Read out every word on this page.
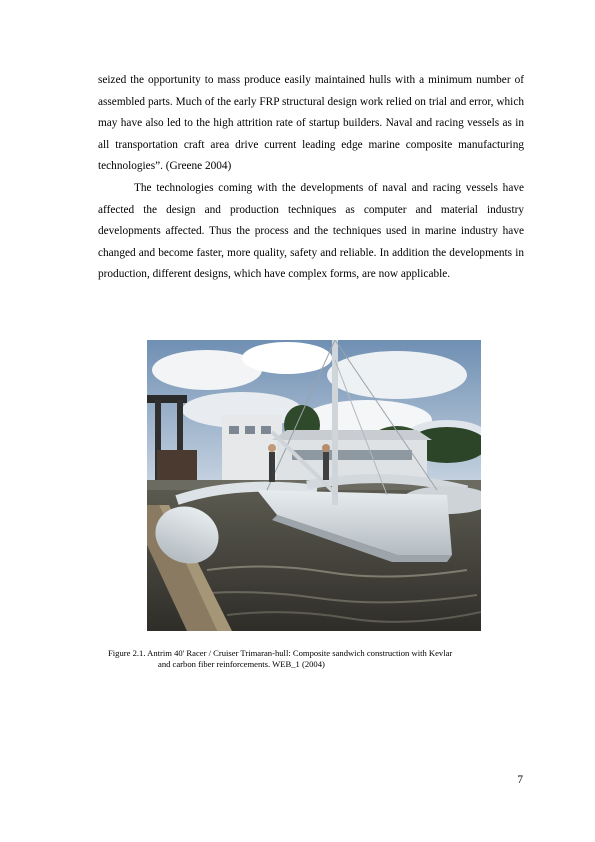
seized the opportunity to mass produce easily maintained hulls with a minimum number of assembled parts. Much of the early FRP structural design work relied on trial and error, which may have also led to the high attrition rate of startup builders. Naval and racing vessels as in all transportation craft area drive current leading edge marine composite manufacturing technologies”. (Greene 2004)

The technologies coming with the developments of naval and racing vessels have affected the design and production techniques as computer and material industry developments affected. Thus the process and the techniques used in marine industry have changed and become faster, more quality, safety and reliable. In addition the developments in production, different designs, which have complex forms, are now applicable.

Figure 2.1. Antrim 40' Racer / Cruiser Trimaran-hull: Composite sandwich construction with Kevlar
and carbon fiber reinforcements. WEB_1 (2004)
7
